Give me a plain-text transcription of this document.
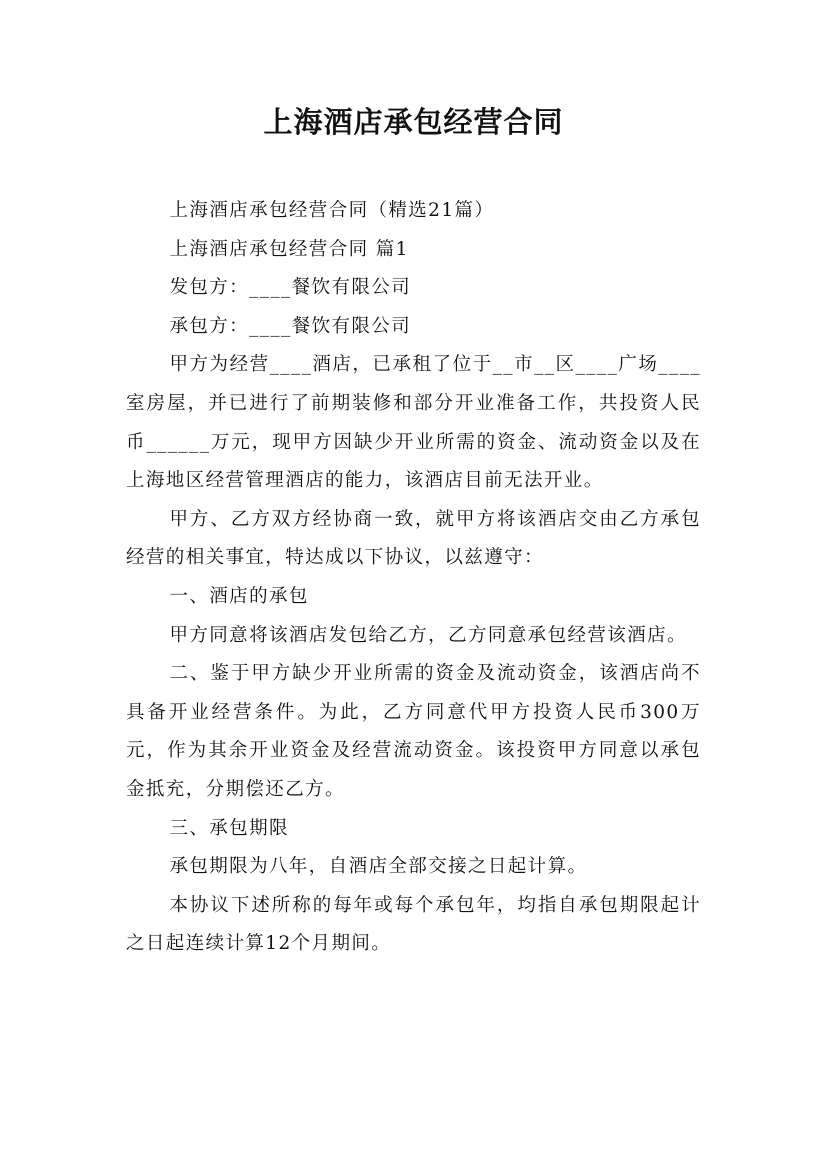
上海酒店承包经营合同

上海酒店承包经营合同（精选21篇）

上海酒店承包经营合同 篇1

发包方：____餐饮有限公司

承包方：____餐饮有限公司

甲方为经营____酒店，已承租了位于__市__区____广场____室房屋，并已进行了前期装修和部分开业准备工作，共投资人民币______万元，现甲方因缺少开业所需的资金、流动资金以及在上海地区经营管理酒店的能力，该酒店目前无法开业。

甲方、乙方双方经协商一致，就甲方将该酒店交由乙方承包经营的相关事宜，特达成以下协议，以兹遵守：

一、酒店的承包

甲方同意将该酒店发包给乙方，乙方同意承包经营该酒店。

二、鉴于甲方缺少开业所需的资金及流动资金，该酒店尚不具备开业经营条件。为此，乙方同意代甲方投资人民币300万元，作为其余开业资金及经营流动资金。该投资甲方同意以承包金抵充，分期偿还乙方。

三、承包期限

承包期限为八年，自酒店全部交接之日起计算。

本协议下述所称的每年或每个承包年，均指自承包期限起计之日起连续计算12个月期间。
